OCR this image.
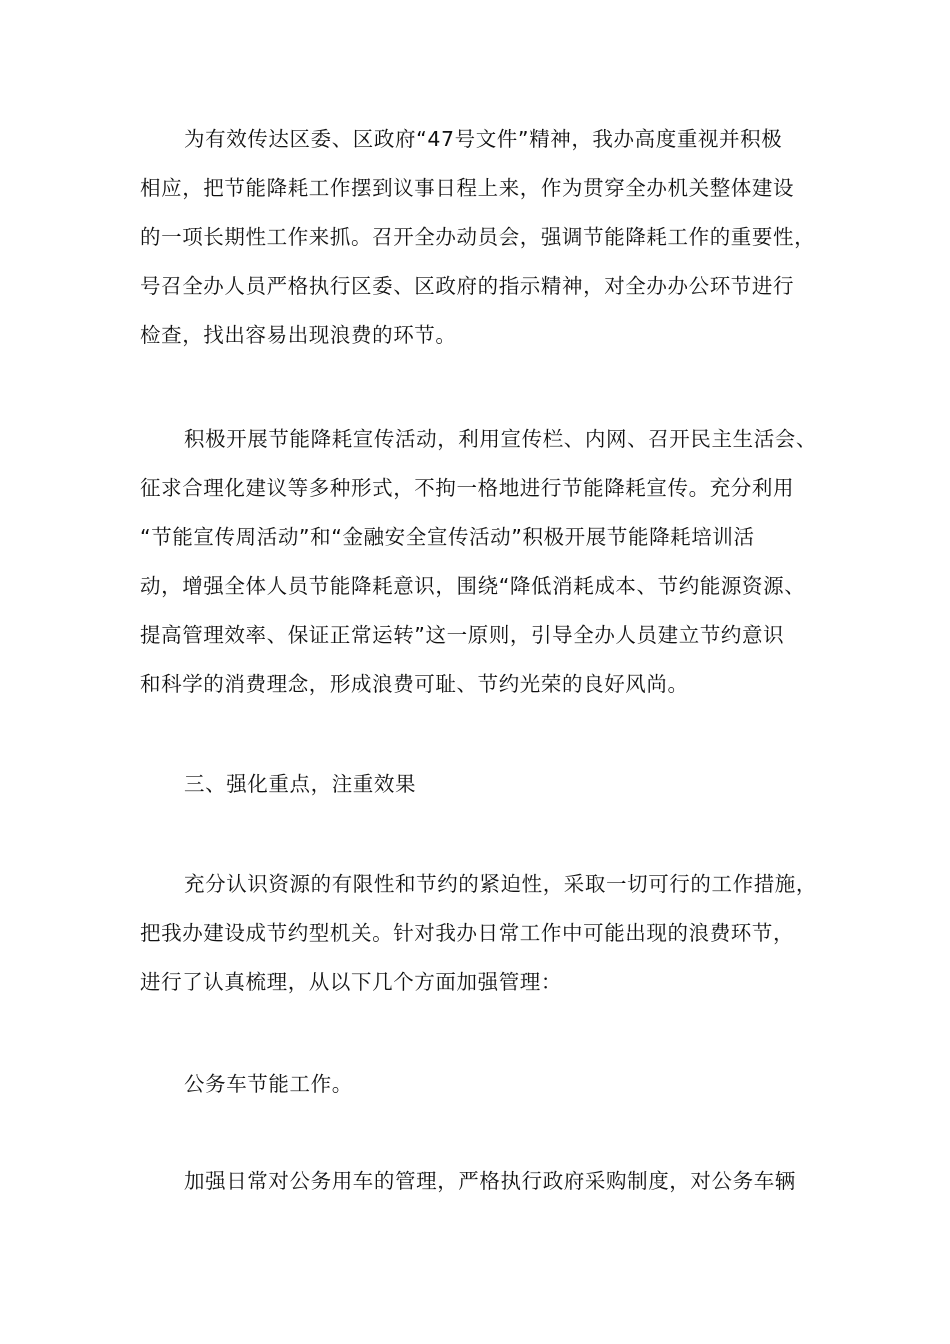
为有效传达区委、区政府“47号文件”精神，我办高度重视并积极
相应，把节能降耗工作摆到议事日程上来，作为贯穿全办机关整体建设
的一项长期性工作来抓。召开全办动员会，强调节能降耗工作的重要性，
号召全办人员严格执行区委、区政府的指示精神，对全办办公环节进行
检查，找出容易出现浪费的环节。
积极开展节能降耗宣传活动，利用宣传栏、内网、召开民主生活会、
征求合理化建议等多种形式，不拘一格地进行节能降耗宣传。充分利用
“节能宣传周活动”和“金融安全宣传活动”积极开展节能降耗培训活
动，增强全体人员节能降耗意识，围绕“降低消耗成本、节约能源资源、
提高管理效率、保证正常运转”这一原则，引导全办人员建立节约意识
和科学的消费理念，形成浪费可耻、节约光荣的良好风尚。
三、强化重点，注重效果
充分认识资源的有限性和节约的紧迫性，采取一切可行的工作措施，
把我办建设成节约型机关。针对我办日常工作中可能出现的浪费环节，
进行了认真梳理，从以下几个方面加强管理：
公务车节能工作。
加强日常对公务用车的管理，严格执行政府采购制度，对公务车辆
